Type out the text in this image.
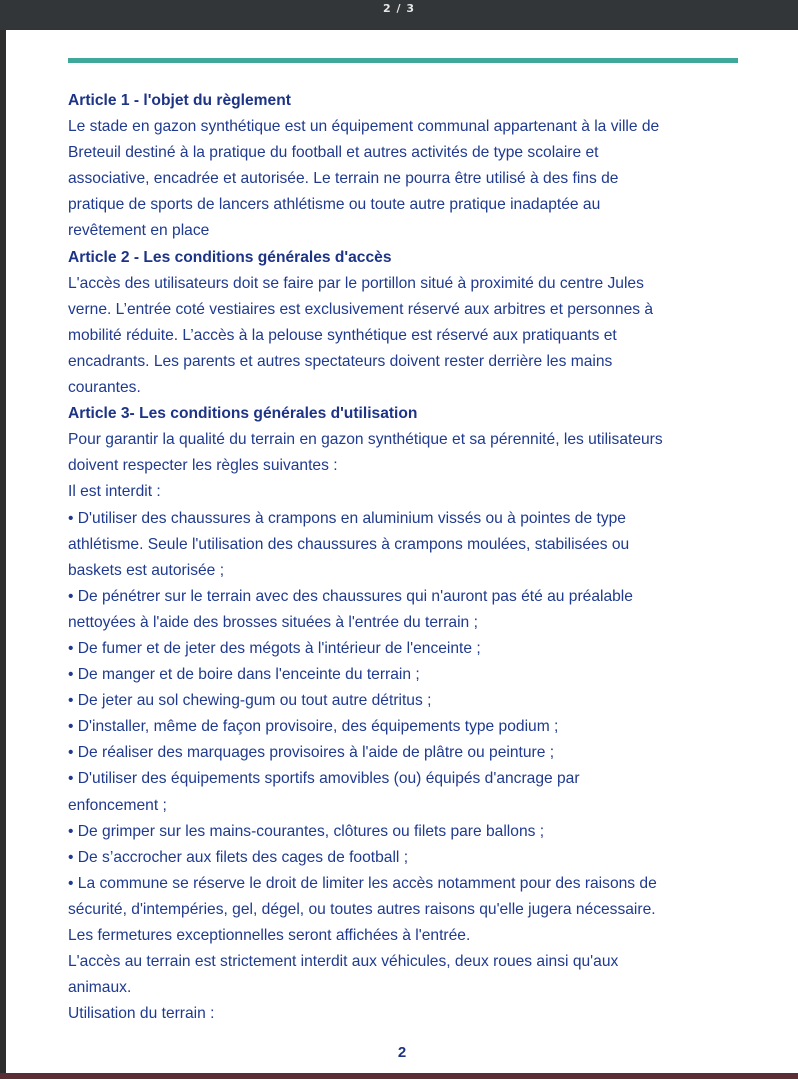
2 / 3
Article 1 - l'objet du règlement
Le stade en gazon synthétique est un équipement communal appartenant à la ville de
Breteuil destiné à la pratique du football et autres activités de type scolaire et
associative, encadrée et autorisée. Le terrain ne pourra être utilisé à des fins de
pratique de sports de lancers athlétisme ou toute autre pratique inadaptée au
revêtement en place
Article 2 - Les conditions générales d'accès
L'accès des utilisateurs doit se faire par le portillon situé à proximité du centre Jules
verne. L’entrée coté vestiaires est exclusivement réservé aux arbitres et personnes à
mobilité réduite. L’accès à la pelouse synthétique est réservé aux pratiquants et
encadrants. Les parents et autres spectateurs doivent rester derrière les mains
courantes.
Article 3- Les conditions générales d'utilisation
Pour garantir la qualité du terrain en gazon synthétique et sa pérennité, les utilisateurs
doivent respecter les règles suivantes :
Il est interdit :
• D'utiliser des chaussures à crampons en aluminium vissés ou à pointes de type
athlétisme. Seule l'utilisation des chaussures à crampons moulées, stabilisées ou
baskets est autorisée ;
• De pénétrer sur le terrain avec des chaussures qui n'auront pas été au préalable
nettoyées à l'aide des brosses situées à l'entrée du terrain ;
• De fumer et de jeter des mégots à l'intérieur de l'enceinte ;
• De manger et de boire dans l'enceinte du terrain ;
• De jeter au sol chewing-gum ou tout autre détritus ;
• D'installer, même de façon provisoire, des équipements type podium ;
• De réaliser des marquages provisoires à l'aide de plâtre ou peinture ;
• D'utiliser des équipements sportifs amovibles (ou) équipés d'ancrage par
enfoncement ;
• De grimper sur les mains-courantes, clôtures ou filets pare ballons ;
• De s’accrocher aux filets des cages de football ;
• La commune se réserve le droit de limiter les accès notamment pour des raisons de
sécurité, d'intempéries, gel, dégel, ou toutes autres raisons qu'elle jugera nécessaire.
Les fermetures exceptionnelles seront affichées à l'entrée.
L'accès au terrain est strictement interdit aux véhicules, deux roues ainsi qu'aux
animaux.
Utilisation du terrain :
2
